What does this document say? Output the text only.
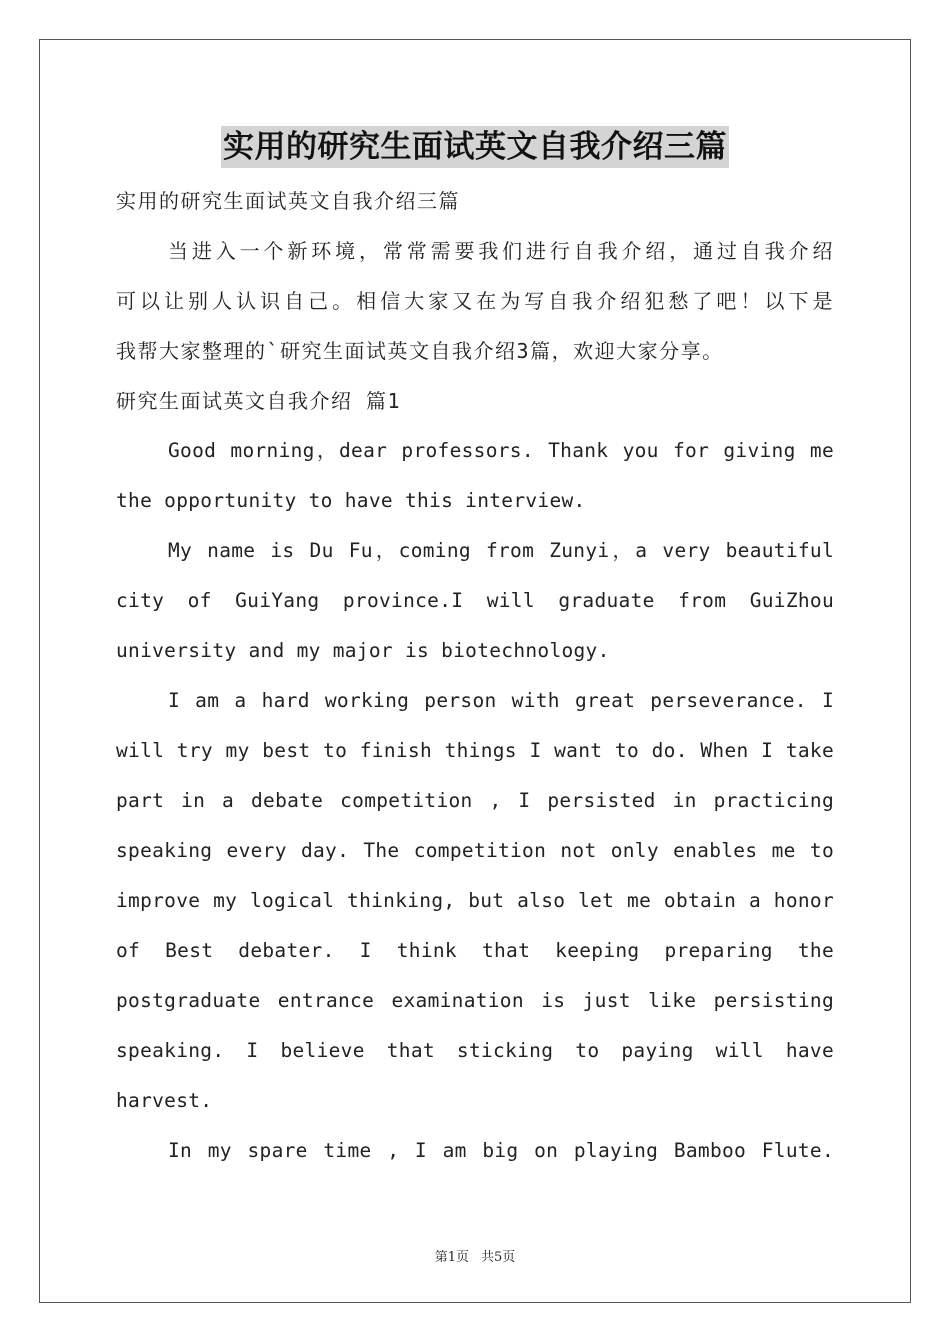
实用的研究生面试英文自我介绍三篇
实用的研究生面试英文自我介绍三篇
当进入一个新环境，常常需要我们进行自我介绍，通过自我介绍
可以让别人认识自己。相信大家又在为写自我介绍犯愁了吧！以下是
我帮大家整理的`研究生面试英文自我介绍3篇，欢迎大家分享。
研究生面试英文自我介绍 篇1
Good morning，dear professors. Thank you for giving me
the opportunity to have this interview.
My name is Du Fu，coming from Zunyi，a very beautiful
city of GuiYang province.I will graduate from GuiZhou
university and my major is biotechnology.
I am a hard working person with great perseverance. I
will try my best to finish things I want to do. When I take
part in a debate competition , I persisted in practicing
speaking every day. The competition not only enables me to
improve my logical thinking, but also let me obtain a honor
of Best debater. I think that keeping preparing the
postgraduate entrance examination is just like persisting
speaking. I believe that sticking to paying will have
harvest.
In my spare time , I am big on playing Bamboo Flute.
第1页 共5页
